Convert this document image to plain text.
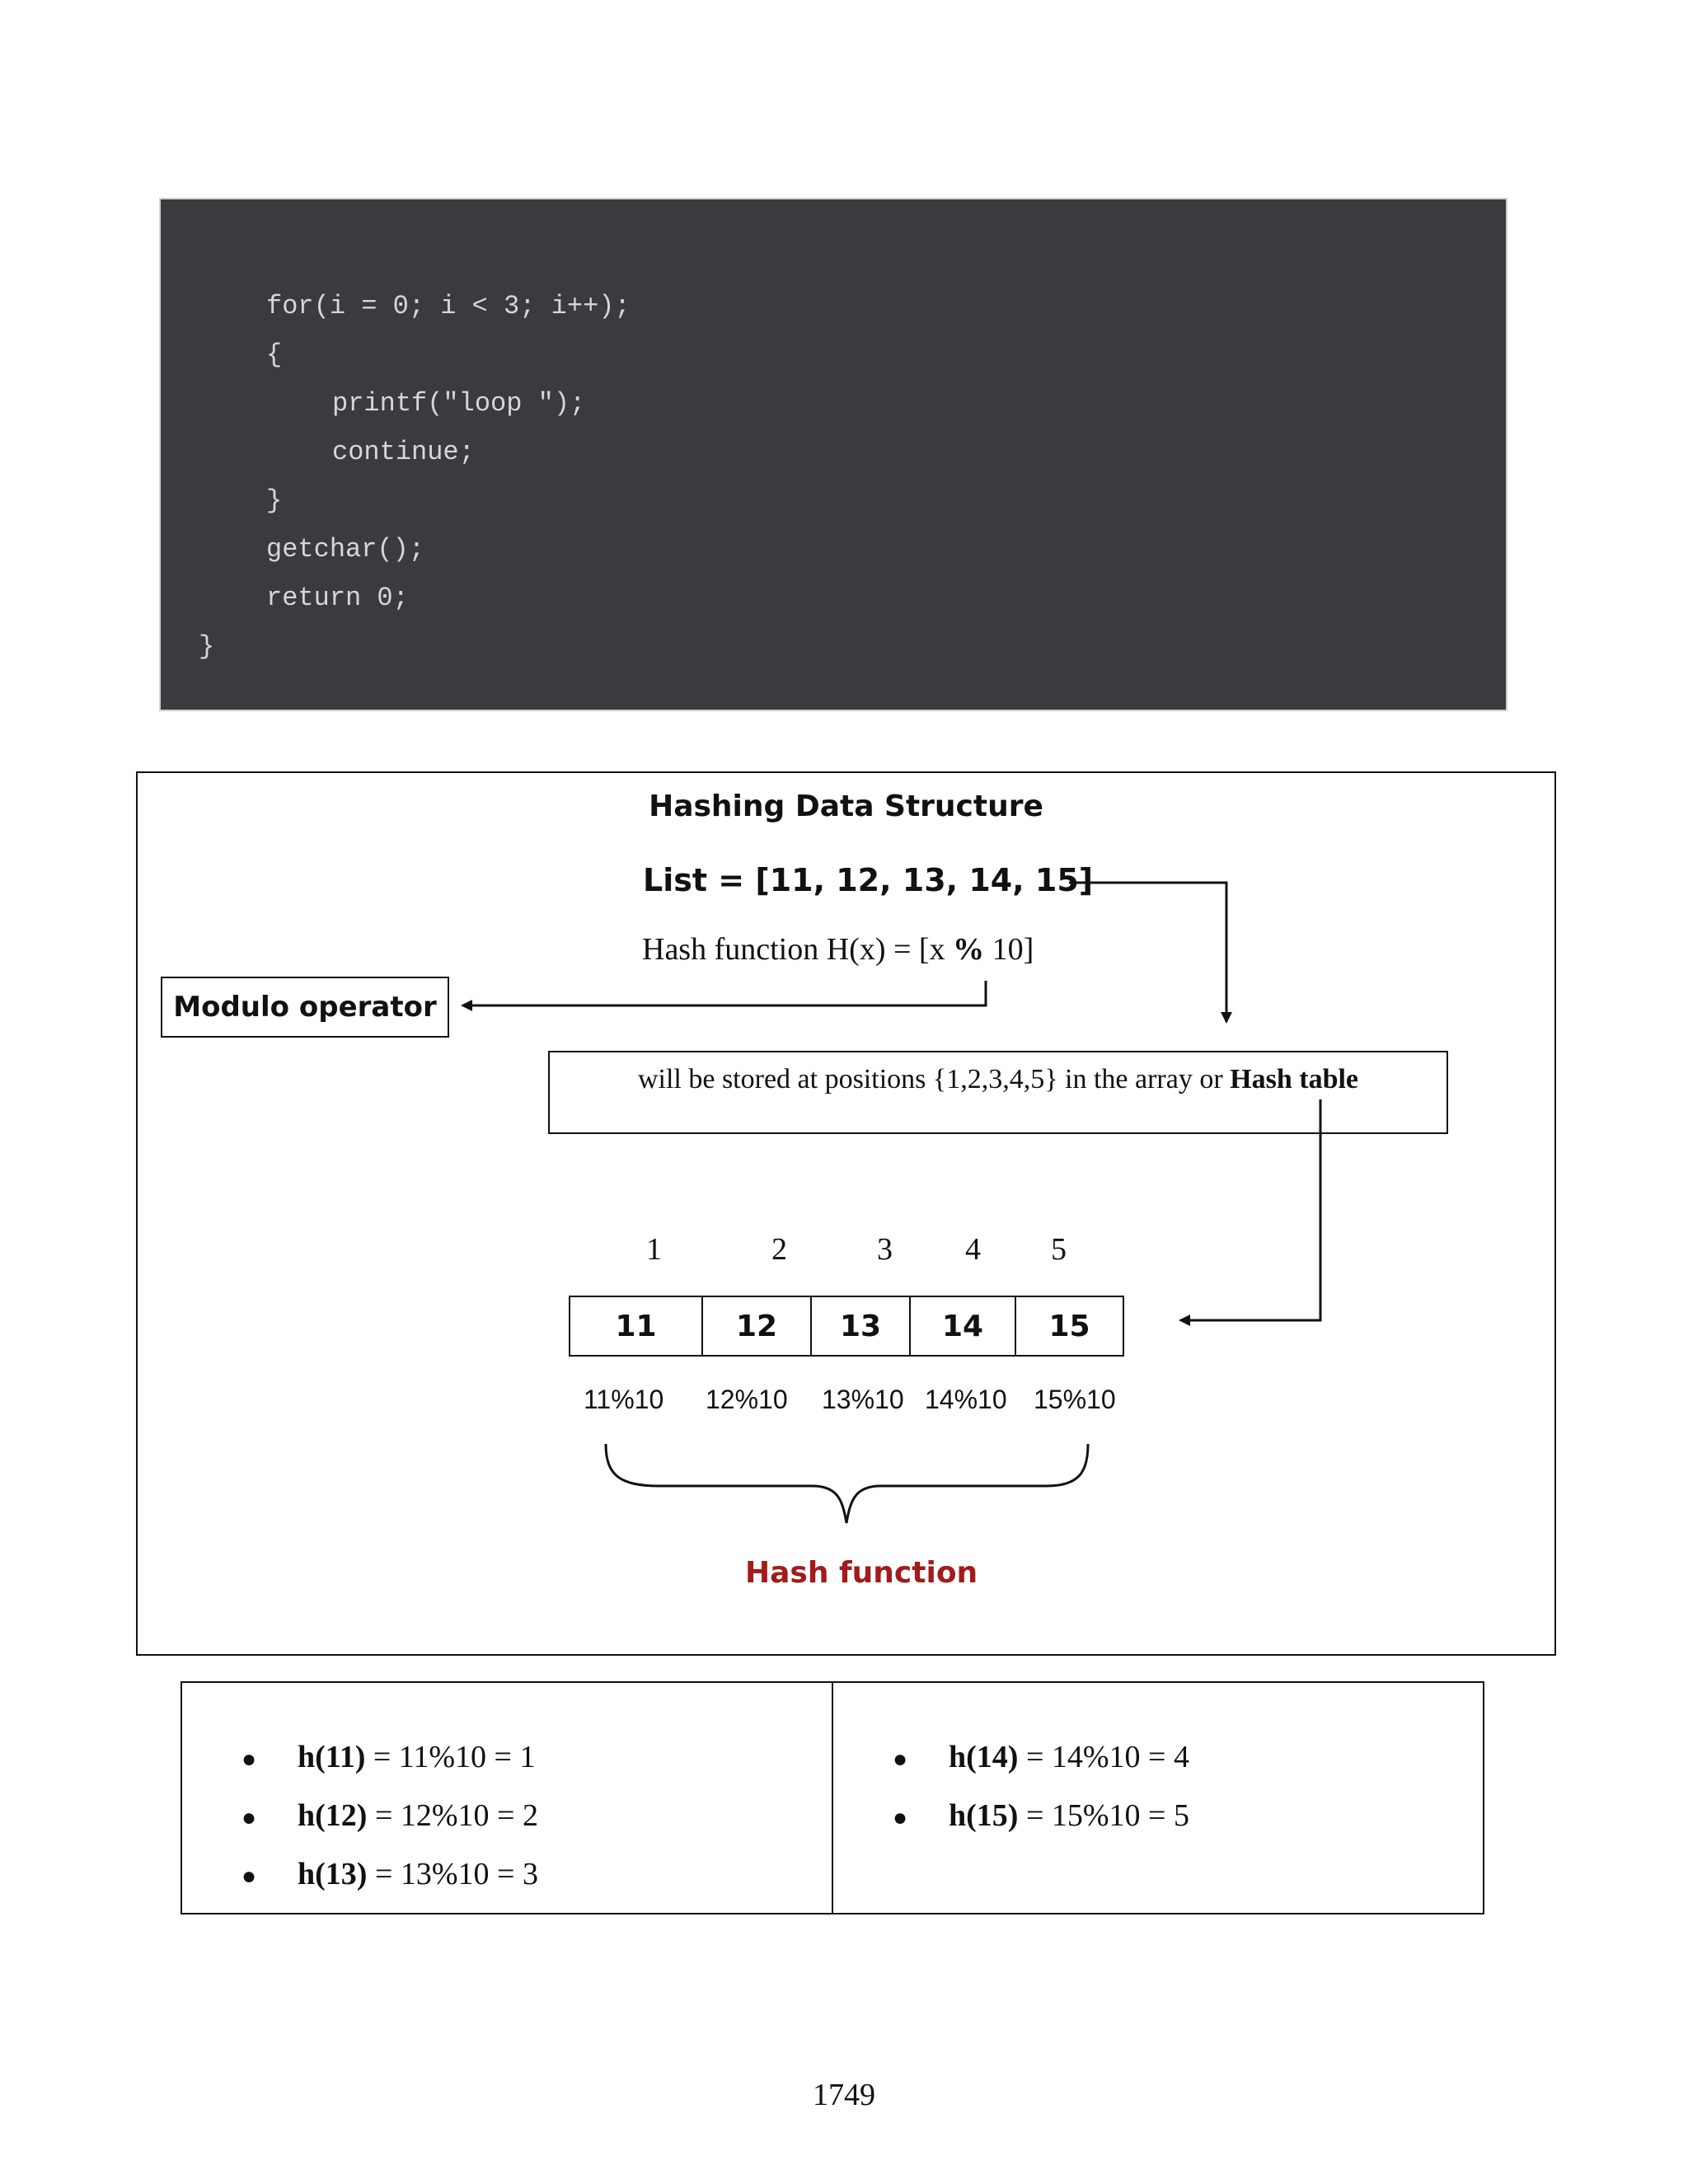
for(i = 0; i < 3; i++);
{
printf("loop ");
continue;
}
getchar();
return 0;
}
Hashing Data Structure
List = [11, 12, 13, 14, 15]
Hash function H(x) = [x % 10]
Modulo operator
will be stored at positions {1,2,3,4,5} in the array or Hash table
1	2	3 4 5
11	12	13	14	15
11%10 12%10 13%10 14%10 15%10
Hash function
● h(11) = 11%10 = 1
● h(12) = 12%10 = 2
● h(13) = 13%10 = 3
● h(14) = 14%10 = 4
● h(15) = 15%10 = 5
1749
